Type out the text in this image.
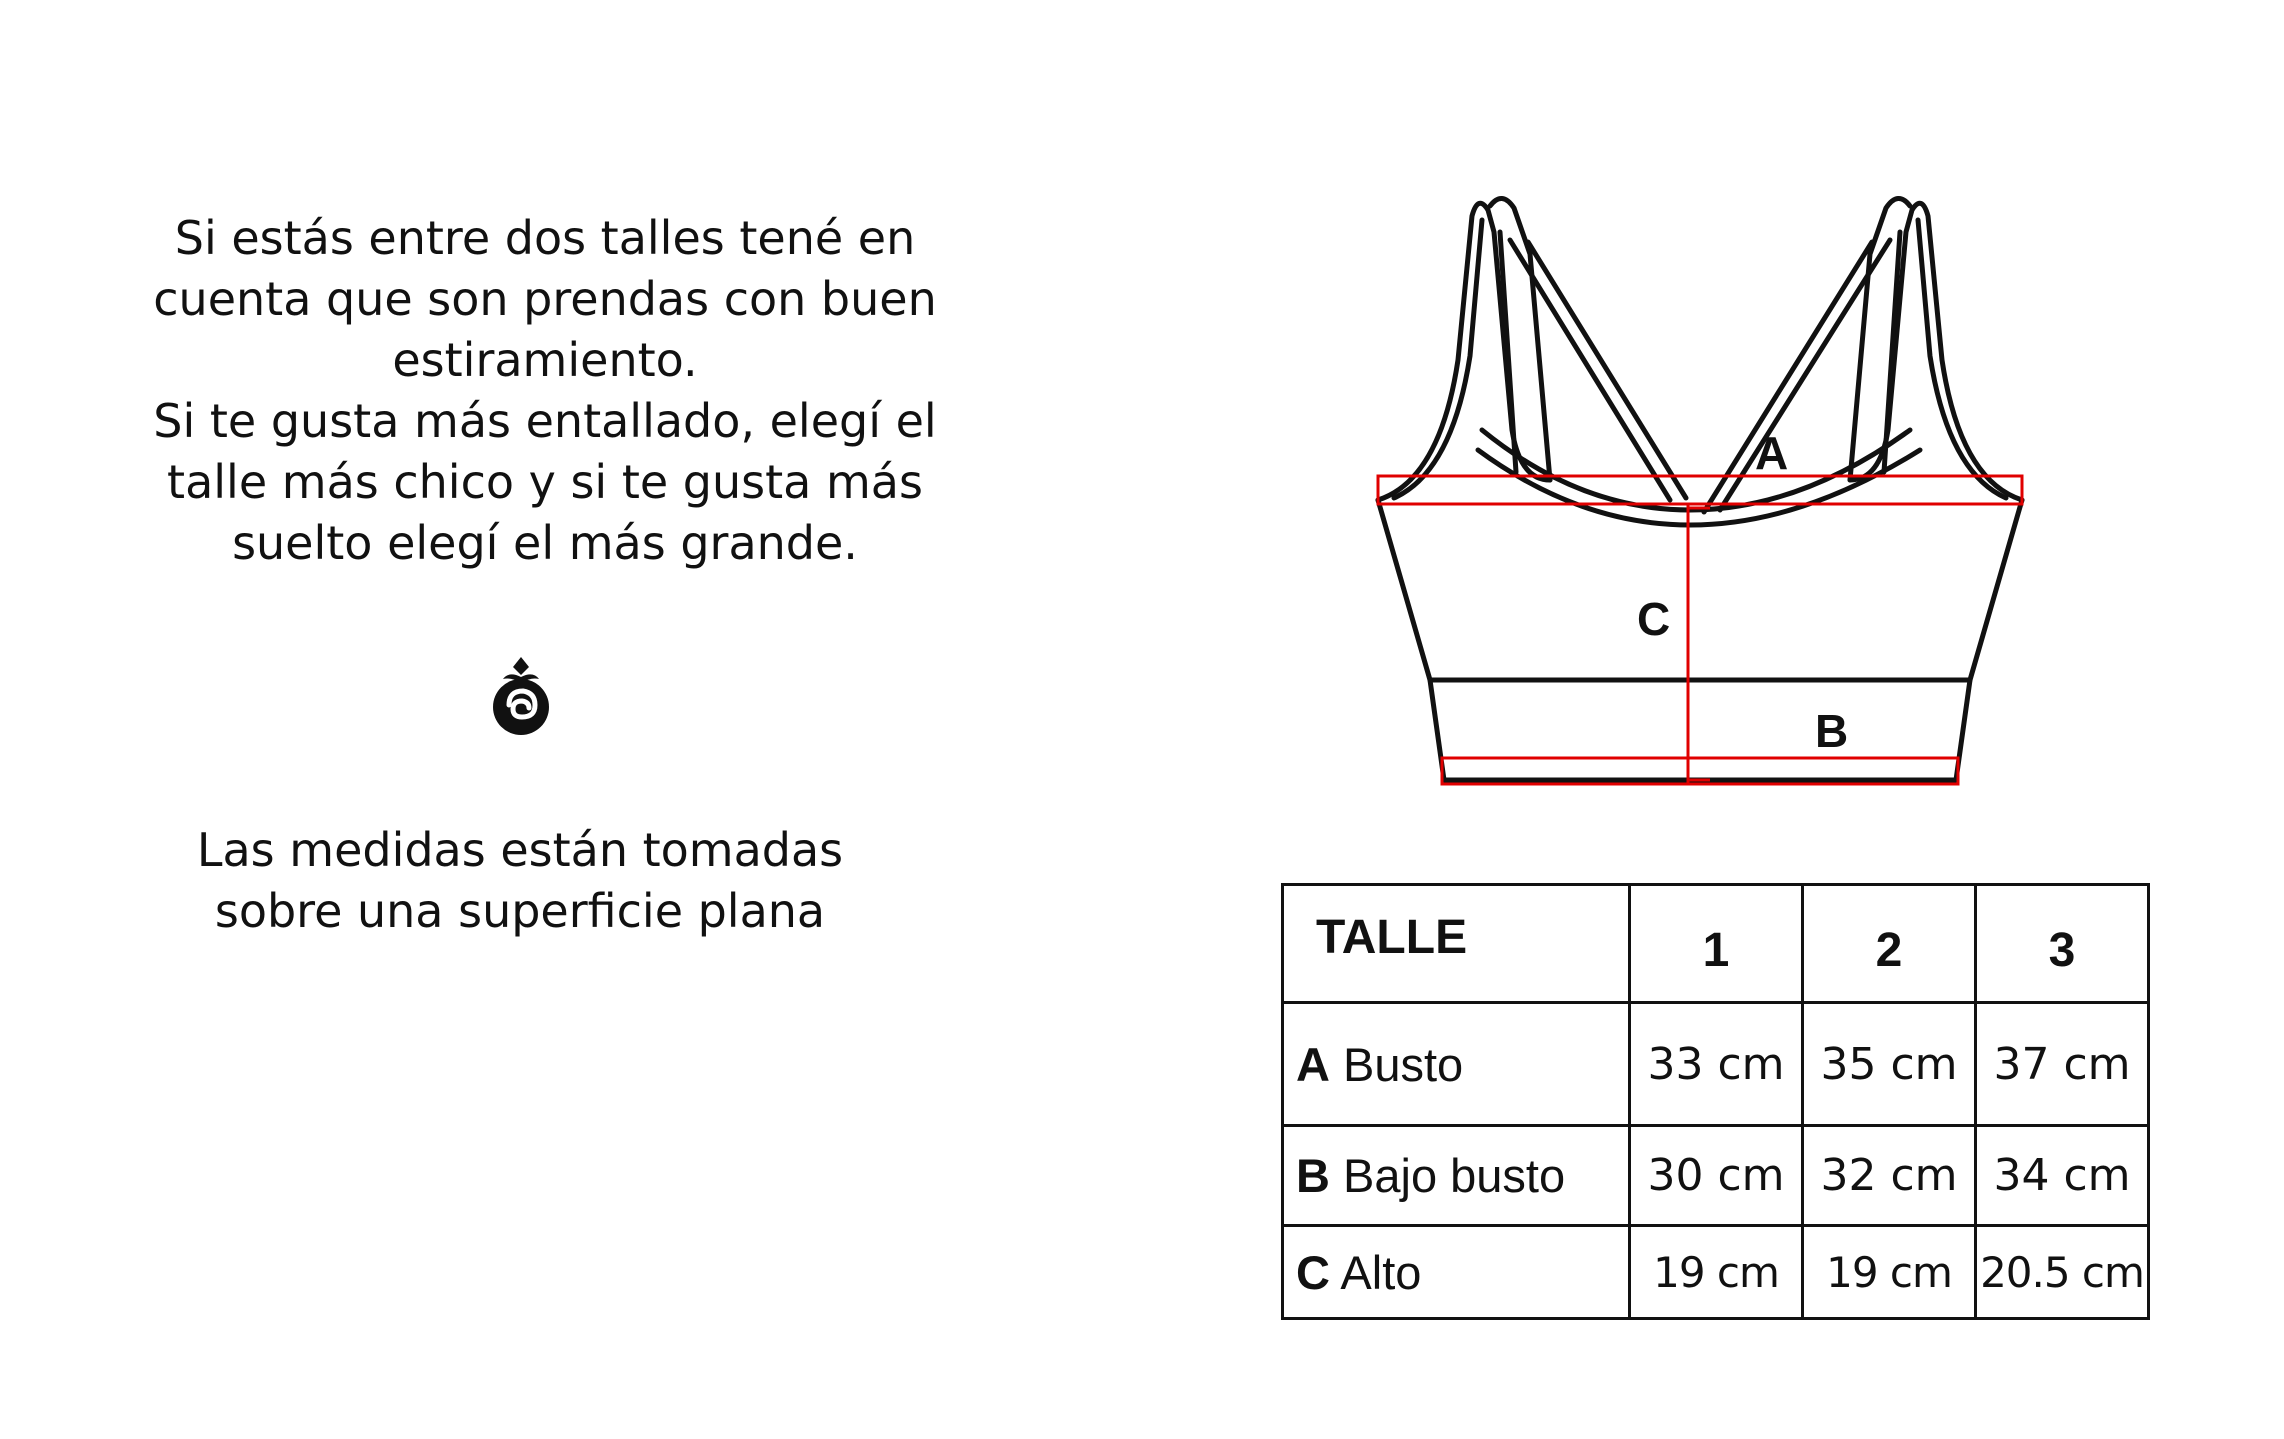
Si estás entre dos talles tené en
cuenta que son prendas con buen
estiramiento.
Si te gusta más entallado, elegí el
talle más chico y si te gusta más
suelto elegí el más grande.
Las medidas están tomadas
sobre una superficie plana
A
B
C
TALLE	1	2	3
A Busto	33 cm	35 cm	37 cm
B Bajo busto	30 cm	32 cm	34 cm
C Alto	19 cm	19 cm	20.5 cm
